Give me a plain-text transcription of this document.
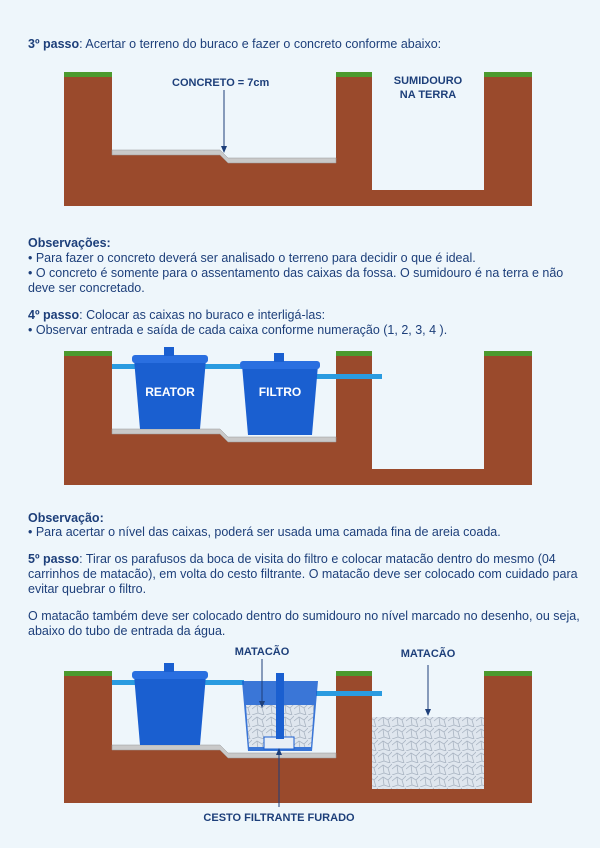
3º passo: Acertar o terreno do buraco e fazer o concreto conforme abaixo:

CONCRETO = 7cm	SUMIDOURO
NA TERRA

Observações:

• Para fazer o concreto deverá ser analisado o terreno para decidir o que é ideal.

• O concreto é somente para o assentamento das caixas da fossa. O sumidouro é na terra e não

deve ser concretado.

4º passo: Colocar as caixas no buraco e interligá-las:

• Observar entrada e saída de cada caixa conforme numeração (1, 2, 3, 4 ).

REATOR	FILTRO

Observação:

• Para acertar o nível das caixas, poderá ser usada uma camada fina de areia coada.

5º passo: Tirar os parafusos da boca de visita do filtro e colocar matacão dentro do mesmo (04

carrinhos de matacão), em volta do cesto filtrante. O matacão deve ser colocado com cuidado para

evitar quebrar o filtro.

O matacão também deve ser colocado dentro do sumidouro no nível marcado no desenho, ou seja,

abaixo do tubo de entrada da água.

MATACÃO	MATACÃO
CESTO FILTRANTE FURADO
